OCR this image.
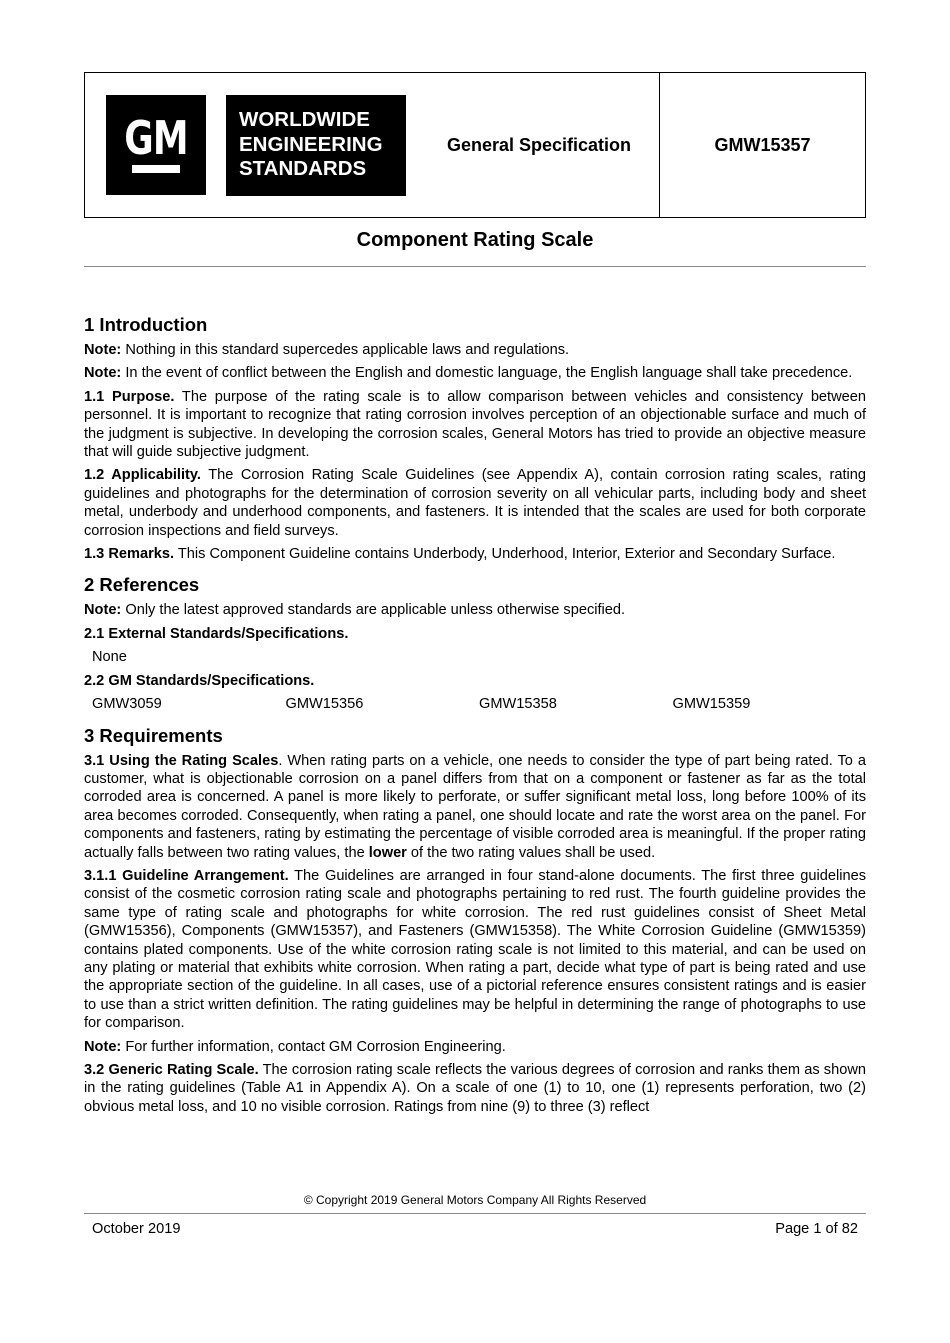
GM	WORLDWIDE
ENGINEERING
STANDARDS
General Specification	GMW15357
Component Rating Scale
1 Introduction

Note: Nothing in this standard supercedes applicable laws and regulations.

Note: In the event of conflict between the English and domestic language, the English language shall take precedence.

1.1 Purpose. The purpose of the rating scale is to allow comparison between vehicles and consistency between personnel. It is important to recognize that rating corrosion involves perception of an objectionable surface and much of the judgment is subjective. In developing the corrosion scales, General Motors has tried to provide an objective measure that will guide subjective judgment.

1.2 Applicability. The Corrosion Rating Scale Guidelines (see Appendix A), contain corrosion rating scales, rating guidelines and photographs for the determination of corrosion severity on all vehicular parts, including body and sheet metal, underbody and underhood components, and fasteners. It is intended that the scales are used for both corporate corrosion inspections and field surveys.

1.3 Remarks. This Component Guideline contains Underbody, Underhood, Interior, Exterior and Secondary Surface.

2 References

Note: Only the latest approved standards are applicable unless otherwise specified.

2.1 External Standards/Specifications.

None

2.2 GM Standards/Specifications.

GMW3059	GMW15356	GMW15358	GMW15359
3 Requirements

3.1 Using the Rating Scales. When rating parts on a vehicle, one needs to consider the type of part being rated. To a customer, what is objectionable corrosion on a panel differs from that on a component or fastener as far as the total corroded area is concerned. A panel is more likely to perforate, or suffer significant metal loss, long before 100% of its area becomes corroded. Consequently, when rating a panel, one should locate and rate the worst area on the panel. For components and fasteners, rating by estimating the percentage of visible corroded area is meaningful. If the proper rating actually falls between two rating values, the lower of the two rating values shall be used.

3.1.1 Guideline Arrangement. The Guidelines are arranged in four stand-alone documents. The first three guidelines consist of the cosmetic corrosion rating scale and photographs pertaining to red rust. The fourth guideline provides the same type of rating scale and photographs for white corrosion. The red rust guidelines consist of Sheet Metal (GMW15356), Components (GMW15357), and Fasteners (GMW15358). The White Corrosion Guideline (GMW15359) contains plated components. Use of the white corrosion rating scale is not limited to this material, and can be used on any plating or material that exhibits white corrosion. When rating a part, decide what type of part is being rated and use the appropriate section of the guideline. In all cases, use of a pictorial reference ensures consistent ratings and is easier to use than a strict written definition. The rating guidelines may be helpful in determining the range of photographs to use for comparison.

Note: For further information, contact GM Corrosion Engineering.

3.2 Generic Rating Scale. The corrosion rating scale reflects the various degrees of corrosion and ranks them as shown in the rating guidelines (Table A1 in Appendix A). On a scale of one (1) to 10, one (1) represents perforation, two (2) obvious metal loss, and 10 no visible corrosion. Ratings from nine (9) to three (3) reflect

© Copyright 2019 General Motors Company All Rights Reserved
October 2019	Page 1 of 82
